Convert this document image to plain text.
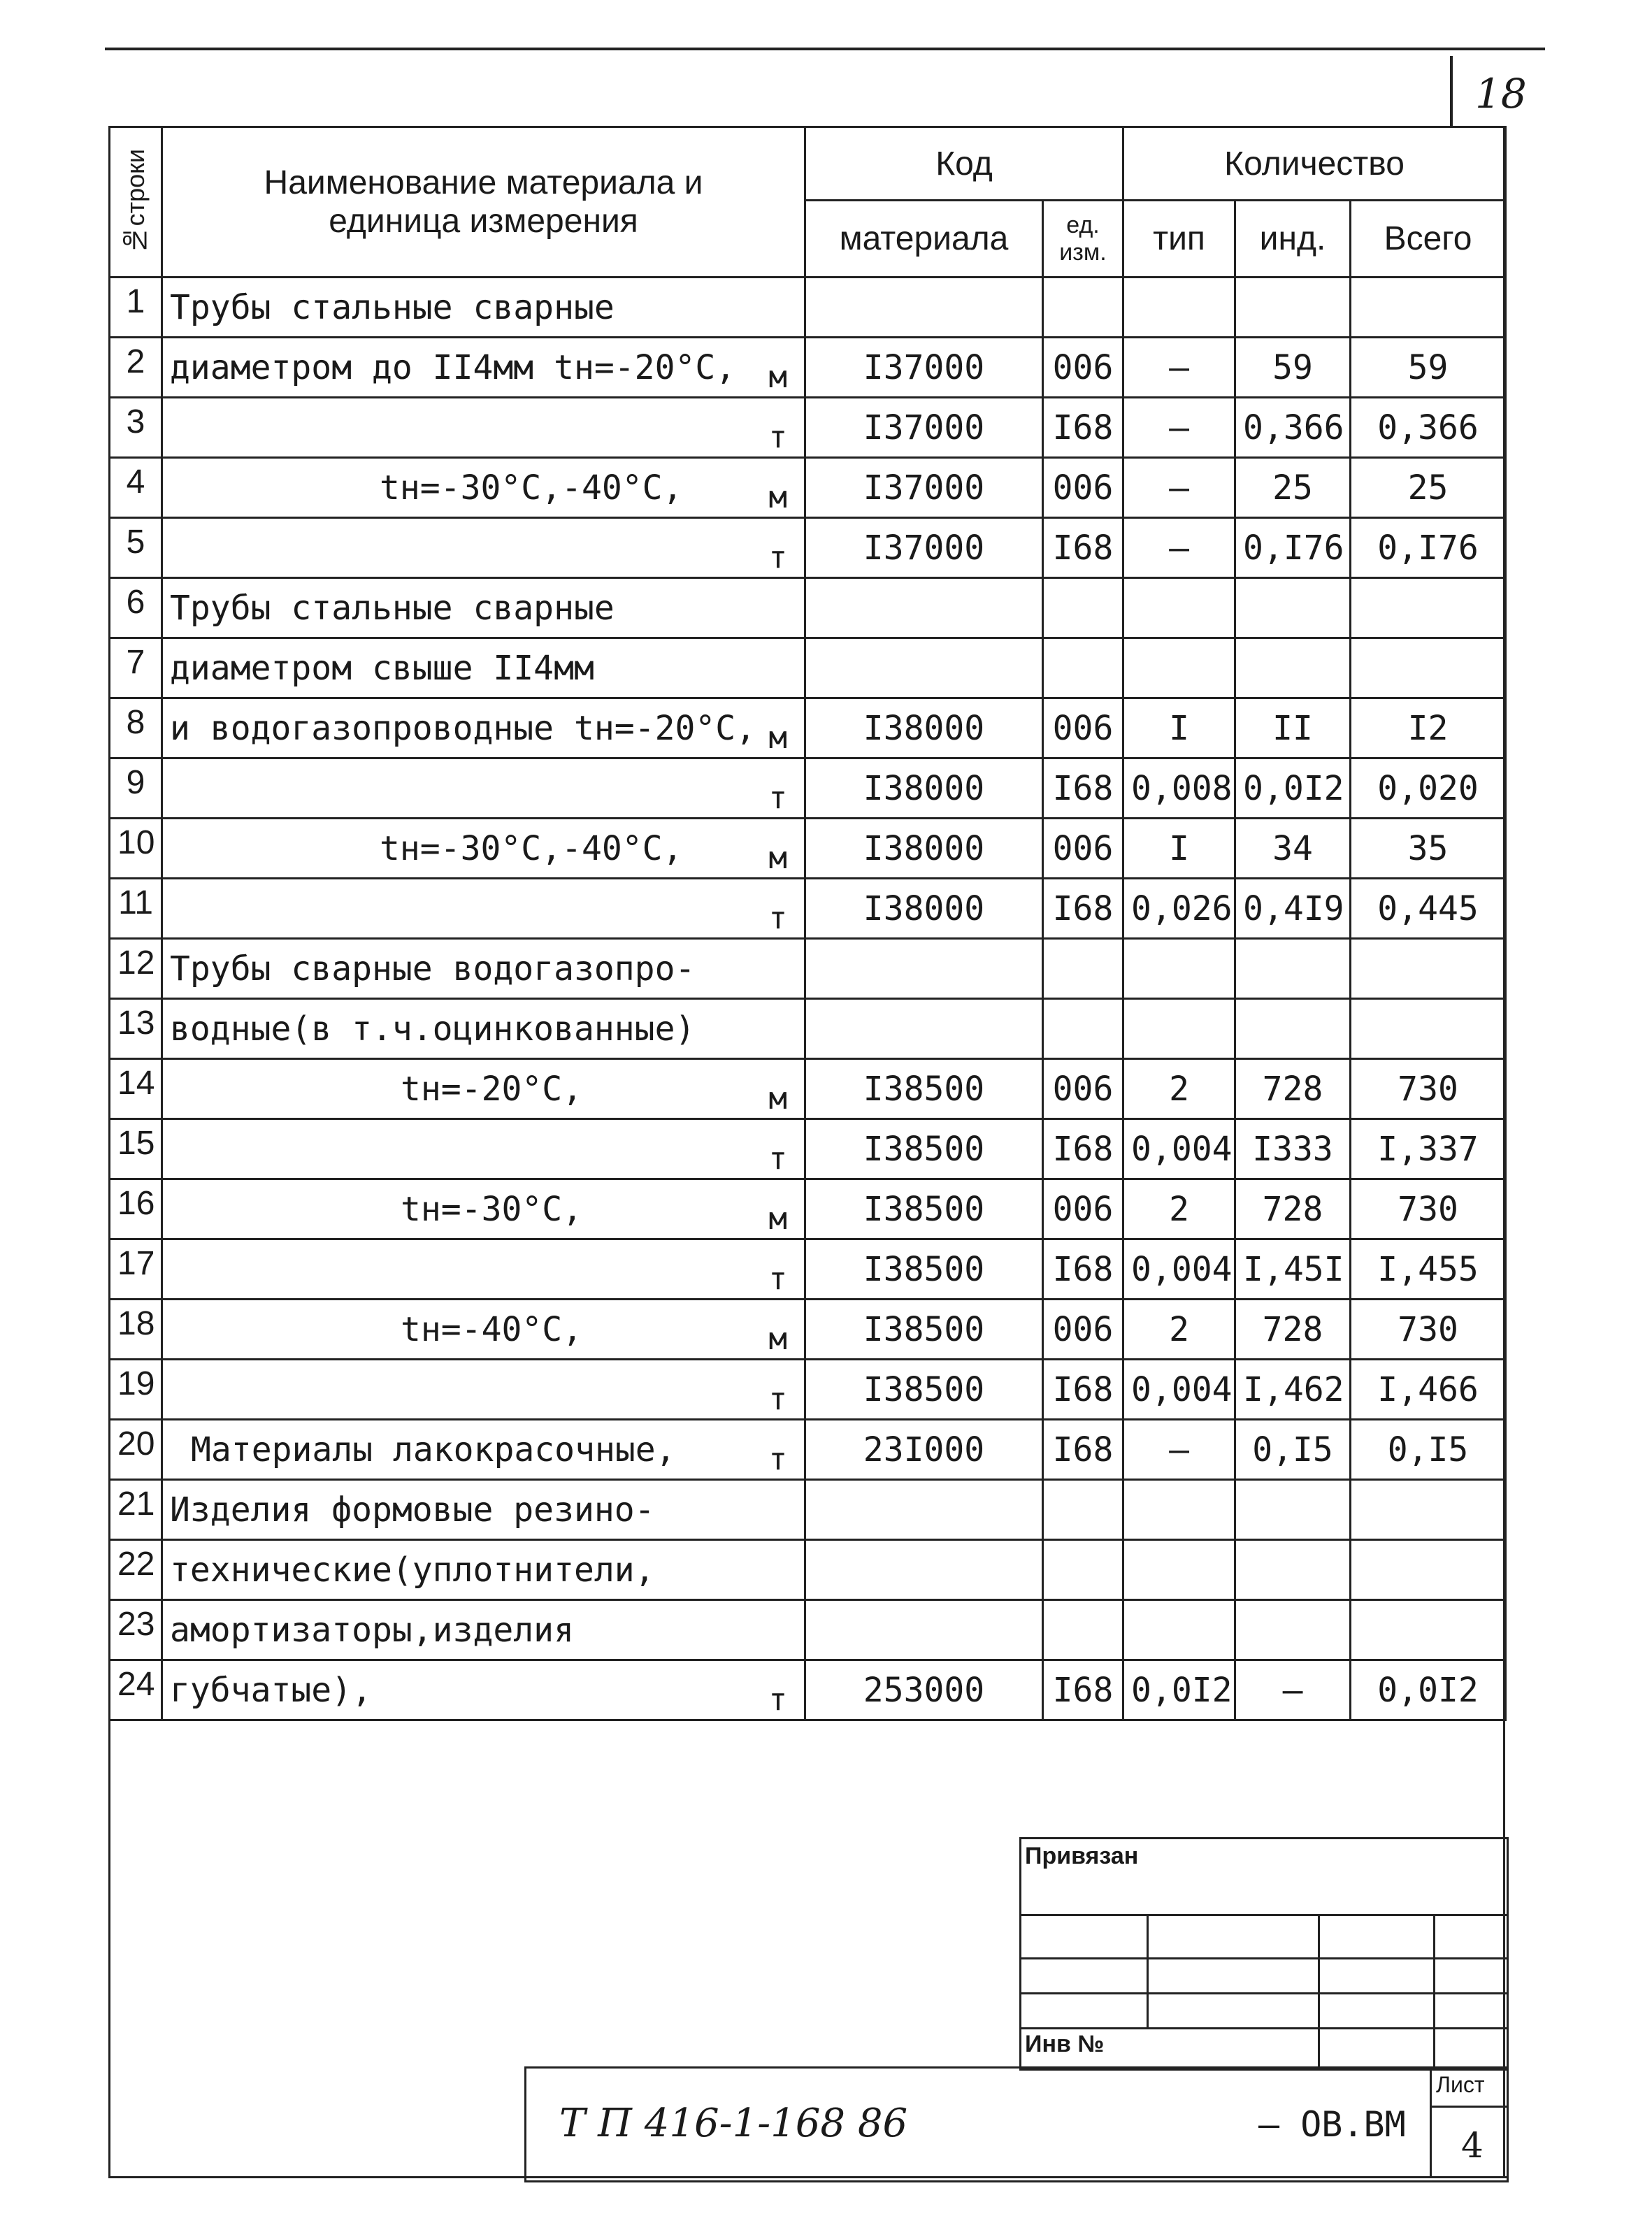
18
№строки	Наименование материала и единица измерения	Код		Количество		
		материала	ед. изм.	тип	инд.	Всего
1	Трубы стальные сварные

2	диаметром до II4мм tн=-20°С, м	I37000	006	–	59	59
3	т	I37000	I68	–	0,366	0,366
4	tн=-30°С,-40°С, м	I37000	006	–	25	25
5	т	I37000	I68	–	0,I76	0,I76
6	Трубы стальные сварные

7	диаметром свыше II4мм

8	и водогазопроводные tн=-20°С, м	I38000	006	I	II	I2
9	т	I38000	I68	0,008	0,0I2	0,020
10	tн=-30°С,-40°С, м	I38000	006	I	34	35
11	т	I38000	I68	0,026	0,4I9	0,445
12	Трубы сварные водогазопро-

13	водные(в т.ч.оцинкованные)

14	tн=-20°С, м	I38500	006	2	728	730
15	т	I38500	I68	0,004	I333	I,337
16	tн=-30°С, м	I38500	006	2	728	730
17	т	I38500	I68	0,004	I,45I	I,455
18	tн=-40°С, м	I38500	006	2	728	730
19	т	I38500	I68	0,004	I,462	I,466
20	Материалы лакокрасочные, т	23I000	I68	–	0,I5	0,I5
21	Изделия формовые резино-

22	технические(уплотнители,

23	амортизаторы,изделия

24	губчатые), т	253000	I68	0,0I2	–	0,0I2
Привязан
Инв №
Лист
4
Т П 416-1-168 86	– ОВ.ВМ
